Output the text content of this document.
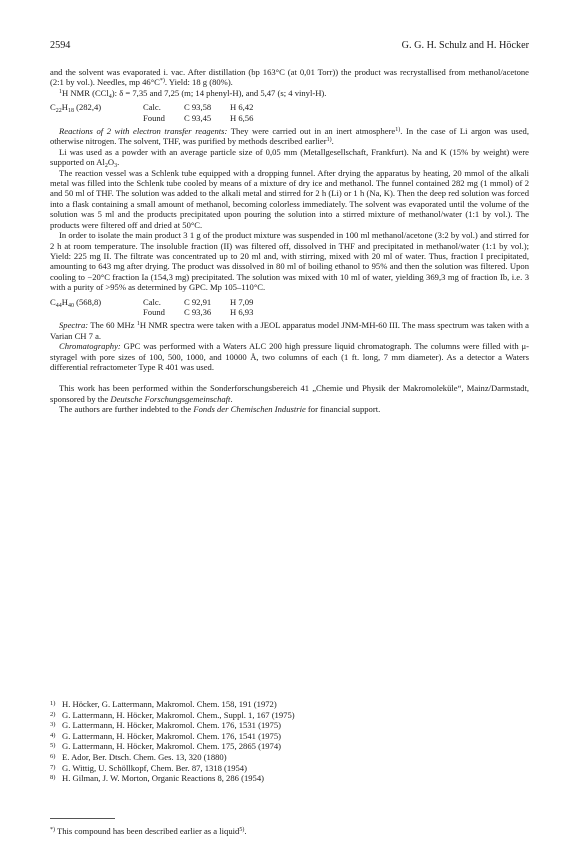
2594	G. G. H. Schulz and H. Höcker

and the solvent was evaporated i. vac. After distillation (bp 163°C (at 0,01 Torr)) the product was recrystallised from methanol/acetone (2:1 by vol.). Needles, mp 46°C*). Yield: 18 g (80%).

$^1$H NMR (CCl$_4$): δ = 7,35 and 7,25 (m; 14 phenyl-H), and 5,47 (s; 4 vinyl-H).

$C_{22}H_{18}$ (282,4)	Calc.	C 93,58	H 6,42
Found	C 93,45	H 6,56

Reactions of 2 with electron transfer reagents: They were carried out in an inert atmosphere$^{1)}$. In the case of Li argon was used, otherwise nitrogen. The solvent, THF, was purified by methods described earlier$^{1)}$.

Li was used as a powder with an average particle size of 0,05 mm (Metallgesellschaft, Frankfurt). Na and K (15% by weight) were supported on $Al_2O_3$.

The reaction vessel was a Schlenk tube equipped with a dropping funnel. After drying the apparatus by heating, 20 mmol of the alkali metal was filled into the Schlenk tube cooled by means of a mixture of dry ice and methanol. The funnel contained 282 mg (1 mmol) of 2 and 50 ml of THF. The solution was added to the alkali metal and stirred for 2 h (Li) or 1 h (Na, K). Then the deep red solution was forced into a flask containing a small amount of methanol, becoming colorless immediately. The solvent was evaporated until the volume of the solution was 5 ml and the products precipitated upon pouring the solution into a stirred mixture of methanol/water (1:1 by vol.). The products were filtered off and dried at 50°C.

In order to isolate the main product 3 1 g of the product mixture was suspended in 100 ml methanol/acetone (3:2 by vol.) and stirred for 2 h at room temperature. The insoluble fraction (II) was filtered off, dissolved in THF and precipitated in methanol/water (1:1 by vol.); Yield: 225 mg II. The filtrate was concentrated up to 20 ml and, with stirring, mixed with 20 ml of water. Thus, fraction I precipitated, amounting to 643 mg after drying. The product was dissolved in 80 ml of boiling ethanol to 95% and then the solution was filtered. Upon cooling to −20°C fraction Ia (154,3 mg) precipitated. The solution was mixed with 10 ml of water, yielding 369,3 mg of fraction Ib, i.e. 3 with a purity of >95% as determined by GPC. Mp 105–110°C.

$C_{44}H_{40}$ (568,8)	Calc.	C 92,91	H 7,09
Found	C 93,36	H 6,93

Spectra: The 60 MHz $^1$H NMR spectra were taken with a JEOL apparatus model JNM-MH-60 III. The mass spectrum was taken with a Varian CH 7 a.

Chromatography: GPC was performed with a Waters ALC 200 high pressure liquid chromatograph. The columns were filled with μ-styragel with pore sizes of 100, 500, 1000, and 10000 Å, two columns of each (1 ft. long, 7 mm diameter). As a detector a Waters differential refractometer Type R 401 was used.

This work has been performed within the Sonderforschungsbereich 41 „Chemie und Physik der Makromoleküle“, Mainz/Darmstadt, sponsored by the Deutsche Forschungsgemeinschaft.

The authors are further indebted to the Fonds der Chemischen Industrie for financial support.

1) H. Höcker, G. Lattermann, Makromol. Chem. 158, 191 (1972)
2) G. Lattermann, H. Höcker, Makromol. Chem., Suppl. 1, 167 (1975)
3) G. Lattermann, H. Höcker, Makromol. Chem. 176, 1531 (1975)
4) G. Lattermann, H. Höcker, Makromol. Chem. 176, 1541 (1975)
5) G. Lattermann, H. Höcker, Makromol. Chem. 175, 2865 (1974)
6) E. Ador, Ber. Dtsch. Chem. Ges. 13, 320 (1880)
7) G. Wittig, U. Schöllkopf, Chem. Ber. 87, 1318 (1954)
8) H. Gilman, J. W. Morton, Organic Reactions 8, 286 (1954)
*) This compound has been described earlier as a liquid$^{5)}$.
